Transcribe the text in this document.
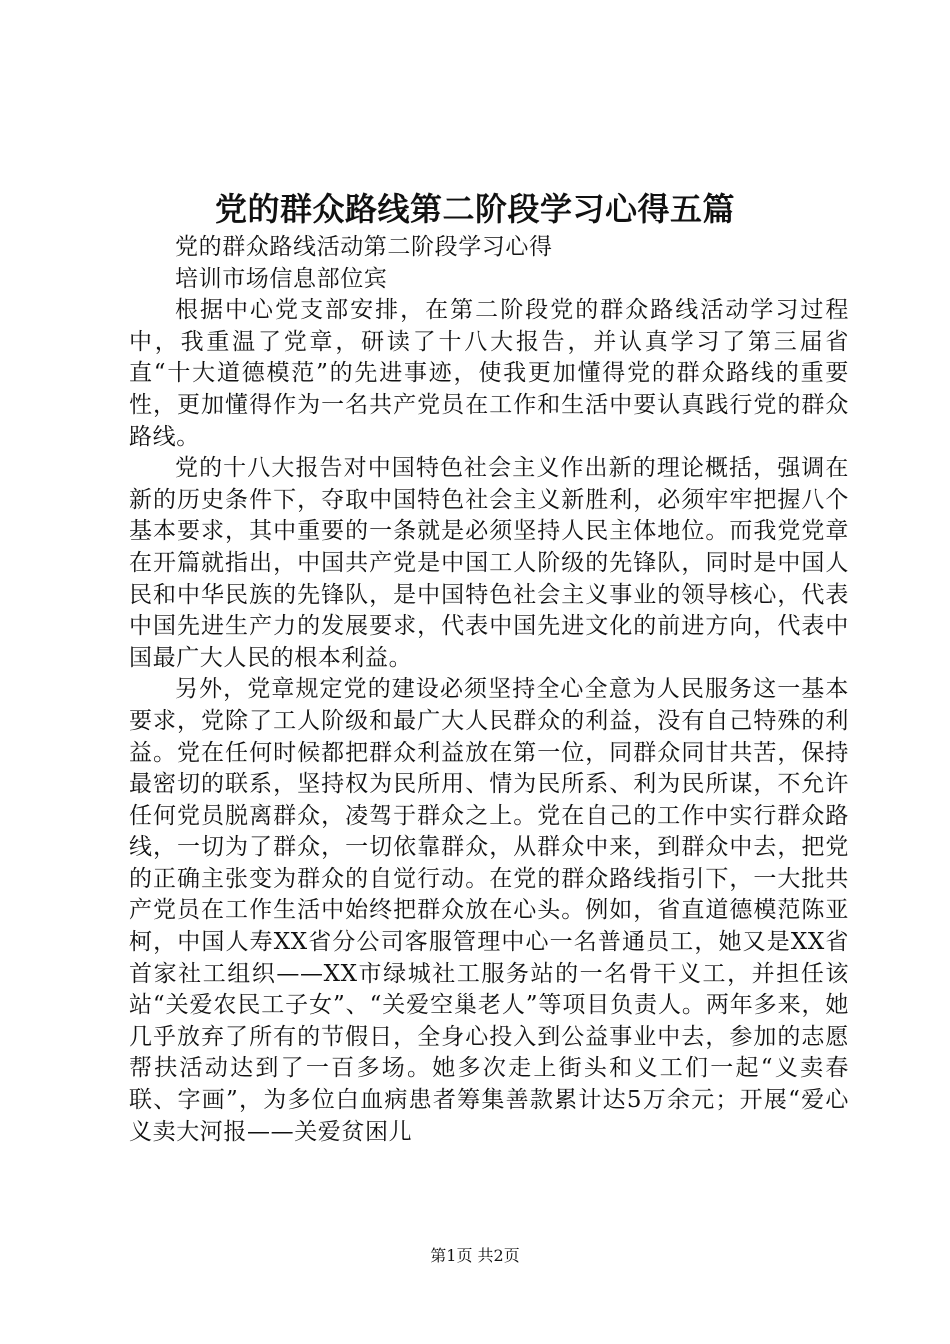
党的群众路线第二阶段学习心得五篇

党的群众路线活动第二阶段学习心得

培训市场信息部位宾

根据中心党支部安排，在第二阶段党的群众路线活动学习过程中，我重温了党章，研读了十八大报告，并认真学习了第三届省直“十大道德模范”的先进事迹，使我更加懂得党的群众路线的重要性，更加懂得作为一名共产党员在工作和生活中要认真践行党的群众路线。

党的十八大报告对中国特色社会主义作出新的理论概括，强调在新的历史条件下，夺取中国特色社会主义新胜利，必须牢牢把握八个基本要求，其中重要的一条就是必须坚持人民主体地位。而我党党章在开篇就指出，中国共产党是中国工人阶级的先锋队，同时是中国人民和中华民族的先锋队，是中国特色社会主义事业的领导核心，代表中国先进生产力的发展要求，代表中国先进文化的前进方向，代表中国最广大人民的根本利益。

另外，党章规定党的建设必须坚持全心全意为人民服务这一基本要求，党除了工人阶级和最广大人民群众的利益，没有自己特殊的利益。党在任何时候都把群众利益放在第一位，同群众同甘共苦，保持最密切的联系，坚持权为民所用、情为民所系、利为民所谋，不允许任何党员脱离群众，凌驾于群众之上。党在自己的工作中实行群众路线，一切为了群众，一切依靠群众，从群众中来，到群众中去，把党的正确主张变为群众的自觉行动。在党的群众路线指引下，一大批共产党员在工作生活中始终把群众放在心头。例如，省直道德模范陈亚柯，中国人寿XX省分公司客服管理中心一名普通员工，她又是XX省首家社工组织——XX市绿城社工服务站的一名骨干义工，并担任该站“关爱农民工子女”、“关爱空巢老人”等项目负责人。两年多来，她几乎放弃了所有的节假日，全身心投入到公益事业中去，参加的志愿帮扶活动达到了一百多场。她多次走上街头和义工们一起“义卖春联、字画”，为多位白血病患者筹集善款累计达5万余元；开展“爱心义卖大河报——关爱贫困儿

第1页 共2页
